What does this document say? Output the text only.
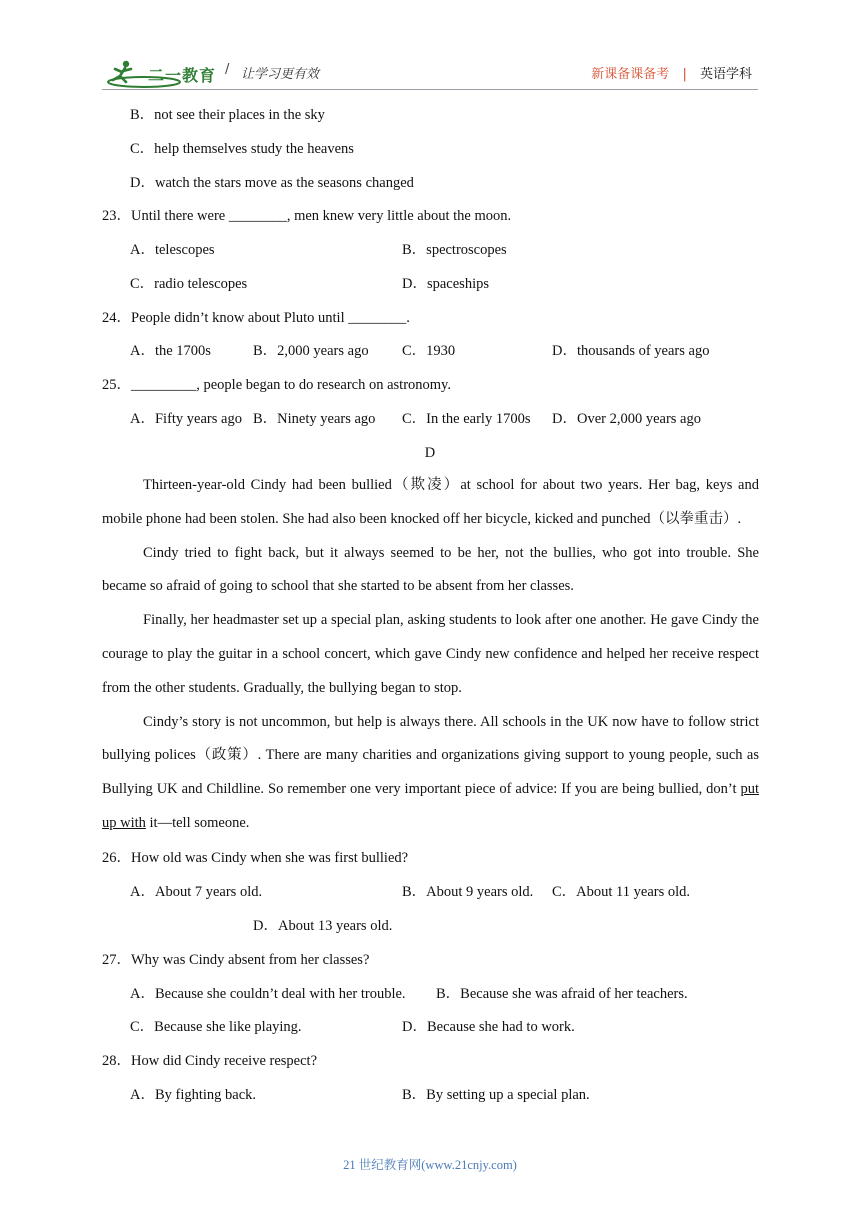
二一教育 / 让学习更有效	新课备课备考 | 英语学科
B．not see their places in the sky
C．help themselves study the heavens
D．watch the stars move as the seasons changed
23．Until there were ________, men knew very little about the moon.
A．telescopes	B．spectroscopes
C．radio telescopes	D．spaceships
24．People didn’t know about Pluto until ________.
A．the 1700s	B．2,000 years ago C．1930	D．thousands of years ago
25．_________, people began to do research on astronomy.
A．Fifty years ago B．Ninety years ago C．In the early 1700s D．Over 2,000 years ago
D

Thirteen-year-old Cindy had been bullied（欺凌）at school for about two years. Her bag, keys and mobile phone had been stolen. She had also been knocked off her bicycle, kicked and punched（以拳重击）.

Cindy tried to fight back, but it always seemed to be her, not the bullies, who got into trouble. She became so afraid of going to school that she started to be absent from her classes.

Finally, her headmaster set up a special plan, asking students to look after one another. He gave Cindy the courage to play the guitar in a school concert, which gave Cindy new confidence and helped her receive respect from the other students. Gradually, the bullying began to stop.

Cindy’s story is not uncommon, but help is always there. All schools in the UK now have to follow strict bullying polices（政策）. There are many charities and organizations giving support to young people, such as Bullying UK and Childline. So remember one very important piece of advice: If you are being bullied, don’t put up with it—tell someone.

26．How old was Cindy when she was first bullied?
A．About 7 years old.	B．About 9 years old. C．About 11 years old.
D．About 13 years old.
27．Why was Cindy absent from her classes?
A．Because she couldn’t deal with her trouble. B．Because she was afraid of her teachers.
C．Because she like playing.	D．Because she had to work.
28．How did Cindy receive respect?
A．By fighting back.	B．By setting up a special plan.
21 世纪教育网(www.21cnjy.com)
